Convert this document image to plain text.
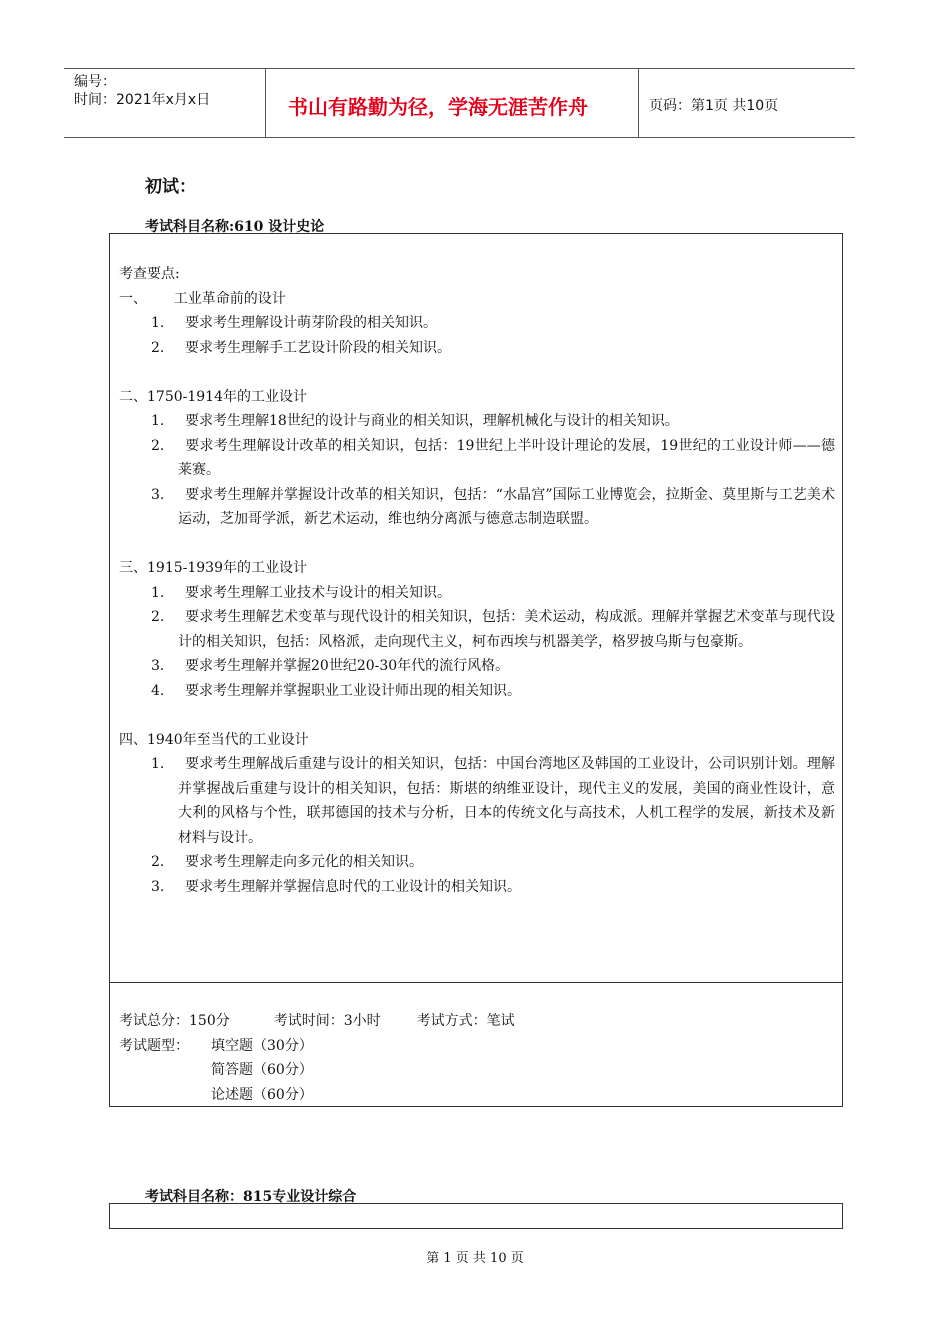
编号：
时间：2021年x月x日	书山有路勤为径，学海无涯苦作舟	页码：第1页 共10页
初试：
考试科目名称:610 设计史论

考查要点:

一、      工业革命前的设计

1. 要求考生理解设计萌芽阶段的相关知识。
2. 要求考生理解手工艺设计阶段的相关知识。

二、1750-1914年的工业设计

1. 要求考生理解18世纪的设计与商业的相关知识，理解机械化与设计的相关知识。
2. 要求考生理解设计改革的相关知识，包括：19世纪上半叶设计理论的发展，19世纪的工业设计师——德莱赛。
3. 要求考生理解并掌握设计改革的相关知识，包括：“水晶宫”国际工业博览会，拉斯金、莫里斯与工艺美术运动，芝加哥学派，新艺术运动，维也纳分离派与德意志制造联盟。

三、1915-1939年的工业设计

1. 要求考生理解工业技术与设计的相关知识。
2. 要求考生理解艺术变革与现代设计的相关知识，包括：美术运动，构成派。理解并掌握艺术变革与现代设计的相关知识，包括：风格派，走向现代主义，柯布西埃与机器美学，格罗披乌斯与包豪斯。
3. 要求考生理解并掌握20世纪20-30年代的流行风格。
4. 要求考生理解并掌握职业工业设计师出现的相关知识。

四、1940年至当代的工业设计

1. 要求考生理解战后重建与设计的相关知识，包括：中国台湾地区及韩国的工业设计，公司识别计划。理解并掌握战后重建与设计的相关知识，包括：斯堪的纳维亚设计，现代主义的发展，美国的商业性设计，意大利的风格与个性，联邦德国的技术与分析，日本的传统文化与高技术，人机工程学的发展，新技术及新材料与设计。
2. 要求考生理解走向多元化的相关知识。
3. 要求考生理解并掌握信息时代的工业设计的相关知识。
考试总分：150分	考试时间：3小时	考试方式：笔试
考试题型：	填空题（30分）
简答题（60分）
论述题（60分）
考试科目名称：815专业设计综合
第 1 页 共 10 页
